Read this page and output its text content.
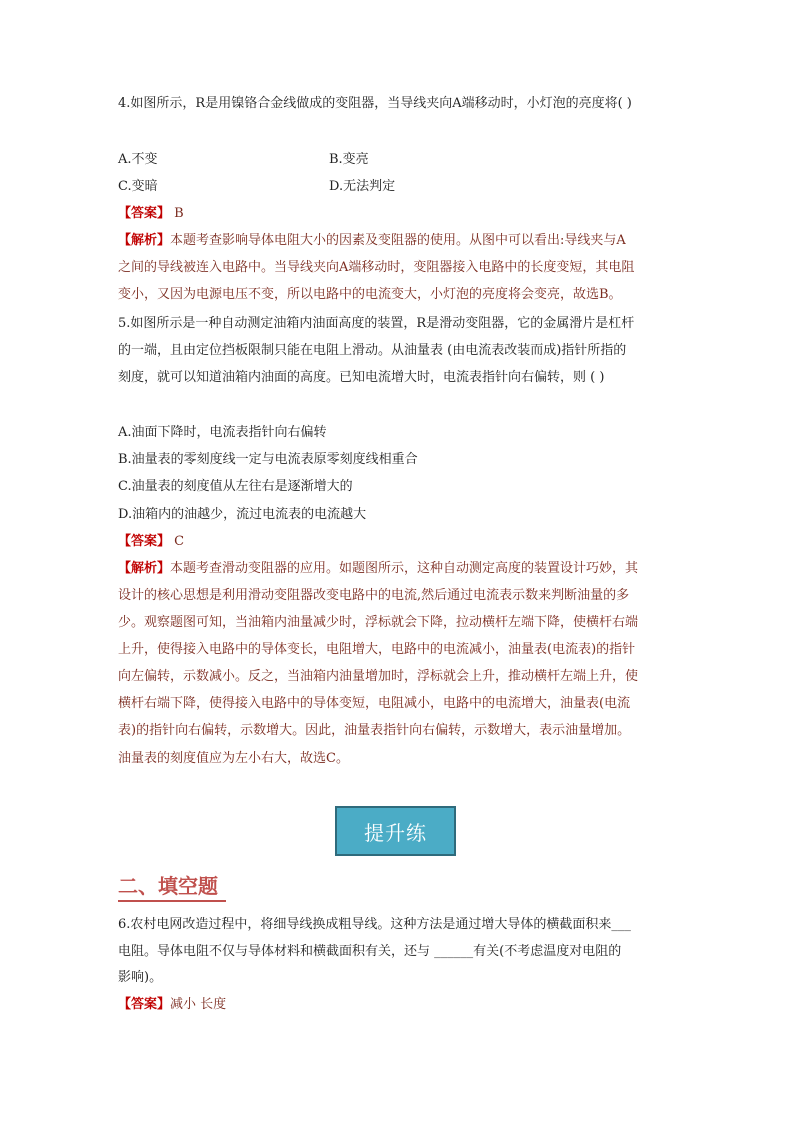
4.如图所示，R是用镍铬合金线做成的变阻器，当导线夹向A端移动时，小灯泡的亮度将( )
A.不变	B.变亮
C.变暗	D.无法判定
【答案】 B
【解析】本题考查影响导体电阻大小的因素及变阻器的使用。从图中可以看出:导线夹与A
之间的导线被连入电路中。当导线夹向A端移动时，变阻器接入电路中的长度变短，其电阻
变小，又因为电源电压不变，所以电路中的电流变大，小灯泡的亮度将会变亮，故选B。
5.如图所示是一种自动测定油箱内油面高度的装置，R是滑动变阻器，它的金属滑片是杠杆
的一端，且由定位挡板限制只能在电阻上滑动。从油量表 (由电流表改装而成)指针所指的
刻度，就可以知道油箱内油面的高度。已知电流增大时，电流表指针向右偏转，则 ( )
A.油面下降时，电流表指针向右偏转
B.油量表的零刻度线一定与电流表原零刻度线相重合
C.油量表的刻度值从左往右是逐渐增大的
D.油箱内的油越少，流过电流表的电流越大
【答案】 C
【解析】本题考查滑动变阻器的应用。如题图所示，这种自动测定高度的装置设计巧妙，其
设计的核心思想是利用滑动变阻器改变电路中的电流,然后通过电流表示数来判断油量的多
少。观察题图可知，当油箱内油量减少时，浮标就会下降，拉动横杆左端下降，使横杆右端
上升，使得接入电路中的导体变长，电阻增大，电路中的电流减小，油量表(电流表)的指针
向左偏转，示数减小。反之，当油箱内油量增加时，浮标就会上升，推动横杆左端上升，使
横杆右端下降，使得接入电路中的导体变短，电阻减小，电路中的电流增大，油量表(电流
表)的指针向右偏转，示数增大。因此，油量表指针向右偏转，示数增大，表示油量增加。
油量表的刻度值应为左小右大，故选C。
提升练
二、填空题
6.农村电网改造过程中，将细导线换成粗导线。这种方法是通过增大导体的横截面积来___
电阻。导体电阻不仅与导体材料和横截面积有关，还与 ______有关(不考虑温度对电阻的
影响)。
【答案】减小 长度
